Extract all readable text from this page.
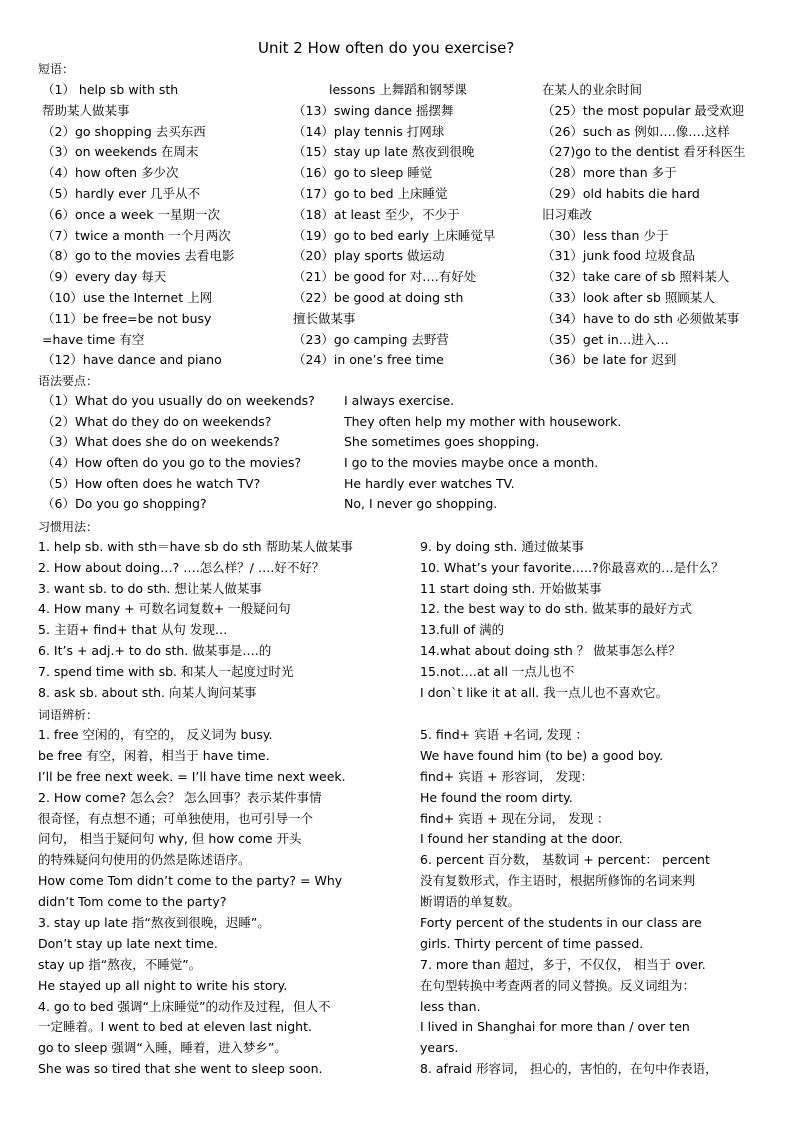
Unit 2 How often do you exercise?
短语：
（1） help sb with sth
帮助某人做某事
（2）go shopping 去买东西
（3）on weekends 在周末
（4）how often 多少次
（5）hardly ever 几乎从不
（6）once a week 一星期一次
（7）twice a month 一个月两次
（8）go to the movies 去看电影
（9）every day 每天
（10）use the Internet 上网
（11）be free=be not busy
=have time 有空
（12）have dance and piano
lessons 上舞蹈和钢琴课
（13）swing dance 摇摆舞
（14）play tennis 打网球
（15）stay up late 熬夜到很晚
（16）go to sleep 睡觉
（17）go to bed 上床睡觉
（18）at least 至少，不少于
（19）go to bed early 上床睡觉早
（20）play sports 做运动
（21）be good for 对….有好处
（22）be good at doing sth
擅长做某事
（23）go camping 去野营
（24）in one’s free time
在某人的业余时间
（25）the most popular 最受欢迎
（26）such as 例如….像….这样
（27)go to the dentist 看牙科医生
（28）more than 多于
（29）old habits die hard
旧习难改
（30）less than 少于
（31）junk food 垃圾食品
（32）take care of sb 照料某人
（33）look after sb 照顾某人
（34）have to do sth 必须做某事
（35）get in…进入…
（36）be late for 迟到
语法要点：
（1）What do you usually do on weekends?
（2）What do they do on weekends?
（3）What does she do on weekends?
（4）How often do you go to the movies?
（5）How often does he watch TV?
（6）Do you go shopping?
I always exercise.
They often help my mother with housework.
She sometimes goes shopping.
I go to the movies maybe once a month.
He hardly ever watches TV.
No, I never go shopping.
习惯用法：
1. help sb. with sth＝have sb do sth 帮助某人做某事
2. How about doing…? ….怎么样？/ ….好不好？
3. want sb. to do sth. 想让某人做某事
4. How many + 可数名词复数+ 一般疑问句
5. 主语+ find+ that 从句 发现…
6. It’s + adj.+ to do sth. 做某事是….的
7. spend time with sb. 和某人一起度过时光
8. ask sb. about sth. 向某人询问某事
9. by doing sth. 通过做某事
10. What’s your favorite…..?你最喜欢的…是什么？
11 start doing sth. 开始做某事
12. the best way to do sth. 做某事的最好方式
13.full of 满的
14.what about doing sth ？ 做某事怎么样？
15.not….at all 一点儿也不
I don`t like it at all. 我一点儿也不喜欢它。
词语辨析：
1. free 空闲的，有空的， 反义词为 busy.
be free 有空，闲着，相当于 have time.
I’ll be free next week. = I’ll have time next week.
2. How come? 怎么会？ 怎么回事？表示某件事情
很奇怪，有点想不通；可单独使用，也可引导一个
问句， 相当于疑问句 why, 但 how come 开头
的特殊疑问句使用的仍然是陈述语序。
How come Tom didn’t come to the party? = Why
didn’t Tom come to the party?
3. stay up late 指“熬夜到很晚，迟睡”。
Don’t stay up late next time.
stay up 指“熬夜，不睡觉”。
He stayed up all night to write his story.
4. go to bed 强调“上床睡觉”的动作及过程，但人不
一定睡着。I went to bed at eleven last night.
go to sleep 强调“入睡，睡着，进入梦乡”。
She was so tired that she went to sleep soon.
5. find+ 宾语 +名词, 发现 ：
We have found him (to be) a good boy.
find+ 宾语 + 形容词， 发现：
He found the room dirty.
find+ 宾语 + 现在分词， 发现 ：
I found her standing at the door.
6. percent 百分数， 基数词 + percent： percent
没有复数形式，作主语时，根据所修饰的名词来判
断谓语的单复数。
Forty percent of the students in our class are
girls. Thirty percent of time passed.
7. more than 超过，多于，不仅仅， 相当于 over.
在句型转换中考查两者的同义替换。反义词组为：
less than.
I lived in Shanghai for more than / over ten
years.
8. afraid 形容词， 担心的，害怕的，在句中作表语，
